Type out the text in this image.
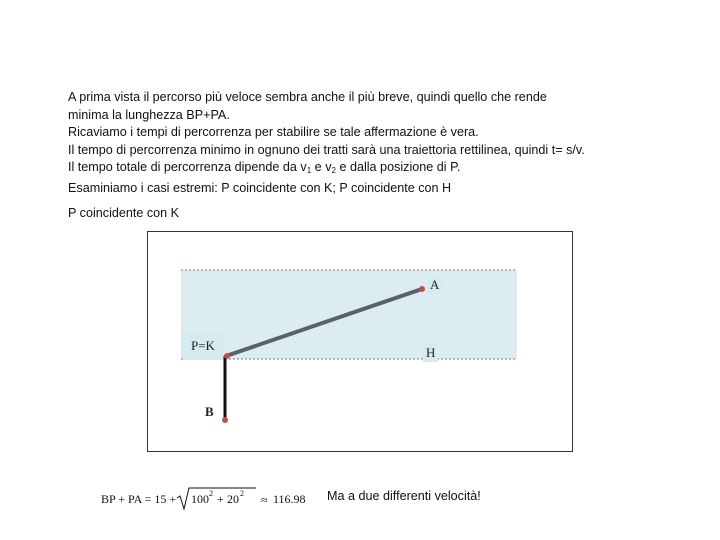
A prima vista il percorso più veloce sembra anche il più breve, quindi quello che rende
minima la lunghezza BP+PA.
Ricaviamo i tempi di percorrenza per stabilire se tale affermazione è vera.
Il tempo di percorrenza minimo in ognuno dei tratti sarà una traiettoria rettilinea, quindi t= s/v.
Il tempo totale di percorrenza dipende da $v_1$ e $v_2$ e dalla posizione di P.
Esaminiamo i casi estremi: P coincidente con K; P coincidente con H
P coincidente con K
P=K
A
H
B
BP + PA = 15 + 100 2 + 20 2 ≈ 116.98 Ma a due differenti velocità!
